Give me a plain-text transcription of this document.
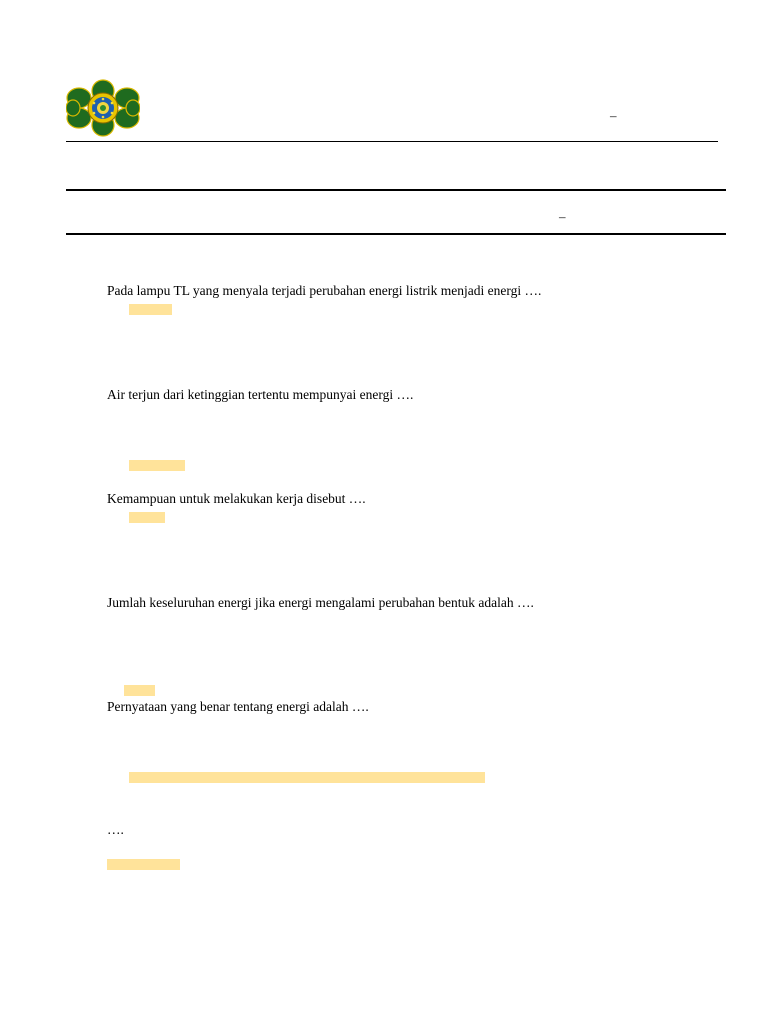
–
–
Pada lampu TL yang menyala terjadi perubahan energi listrik menjadi energi ….
Air terjun dari ketinggian tertentu mempunyai energi ….
Kemampuan untuk melakukan kerja disebut ….
Jumlah keseluruhan energi jika energi mengalami perubahan bentuk adalah ….
Pernyataan yang benar tentang energi adalah ….
….
